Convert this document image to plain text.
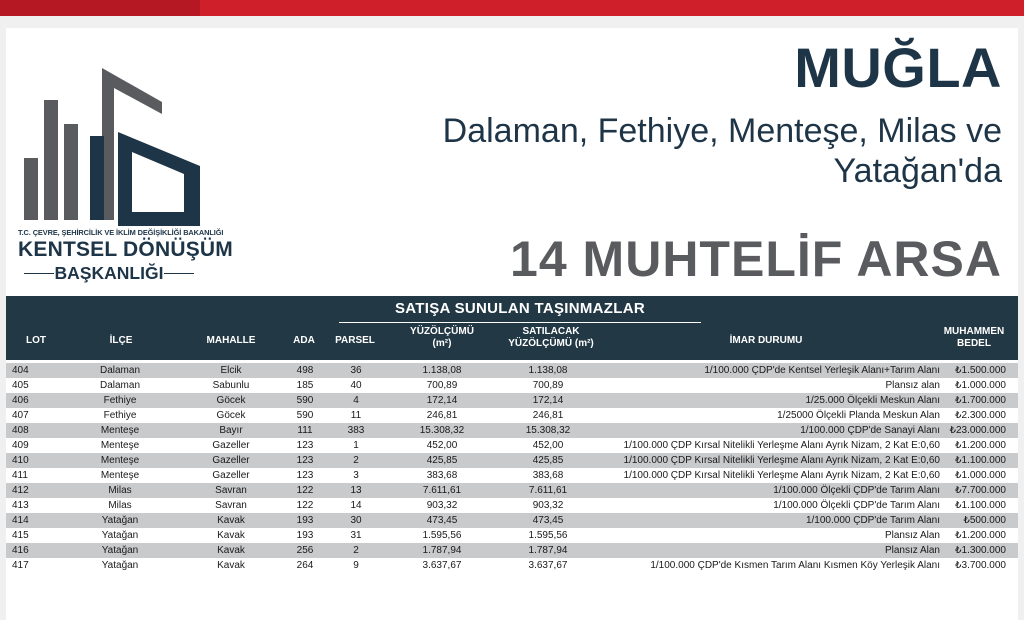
T.C. ÇEVRE, ŞEHİRCİLİK VE İKLİM DEĞİŞİKLİĞİ BAKANLIĞI
KENTSEL DÖNÜŞÜM
BAŞKANLIĞI
MUĞLA
Dalaman, Fethiye, Menteşe, Milas ve Yatağan'da
14 MUHTELİF ARSA
SATIŞA SUNULAN TAŞINMAZLAR
LOT	İLÇE	MAHALLE	ADA	PARSEL
YÜZÖLÇÜMÜ
(m²)
SATILACAK
YÜZÖLÇÜMÜ (m²)	İMAR DURUMU
MUHAMMEN
BEDEL
404	Dalaman	Elcik	498	36	1.138,08	1.138,08	1/100.000 ÇDP'de Kentsel Yerleşik Alanı+Tarım Alanı	₺1.500.000
405	Dalaman	Sabunlu	185	40	700,89	700,89	Plansız alan	₺1.000.000
406	Fethiye	Göcek	590	4	172,14	172,14	1/25.000 Ölçekli Meskun Alanı	₺1.700.000
407	Fethiye	Göcek	590	11	246,81	246,81	1/25000 Ölçekli Planda Meskun Alan	₺2.300.000
408	Menteşe	Bayır	111	383	15.308,32	15.308,32	1/100.000 ÇDP'de Sanayi Alanı ₺23.000.000
409	Menteşe	Gazeller	123	1	452,00	452,00	1/100.000 ÇDP Kırsal Nitelikli Yerleşme Alanı Ayrık Nizam, 2 Kat E:0,60	₺1.200.000
410	Menteşe	Gazeller	123	2	425,85	425,85	1/100.000 ÇDP Kırsal Nitelikli Yerleşme Alanı Ayrık Nizam, 2 Kat E:0,60	₺1.100.000
411	Menteşe	Gazeller	123	3	383,68	383,68	1/100.000 ÇDP Kırsal Nitelikli Yerleşme Alanı Ayrık Nizam, 2 Kat E:0,60	₺1.000.000
412	Milas	Savran	122	13	7.611,61	7.611,61	1/100.000 Ölçekli ÇDP'de Tarım Alanı	₺7.700.000
413	Milas	Savran	122	14	903,32	903,32	1/100.000 Ölçekli ÇDP'de Tarım Alanı	₺1.100.000
414	Yatağan	Kavak	193	30	473,45	473,45	1/100.000 ÇDP'de Tarım Alanı	₺500.000
415	Yatağan	Kavak	193	31	1.595,56	1.595,56	Plansız Alan	₺1.200.000
416	Yatağan	Kavak	256	2	1.787,94	1.787,94	Plansız Alan	₺1.300.000
417	Yatağan	Kavak	264	9	3.637,67	3.637,67	1/100.000 ÇDP'de Kısmen Tarım Alanı Kısmen Köy Yerleşik Alanı	₺3.700.000
